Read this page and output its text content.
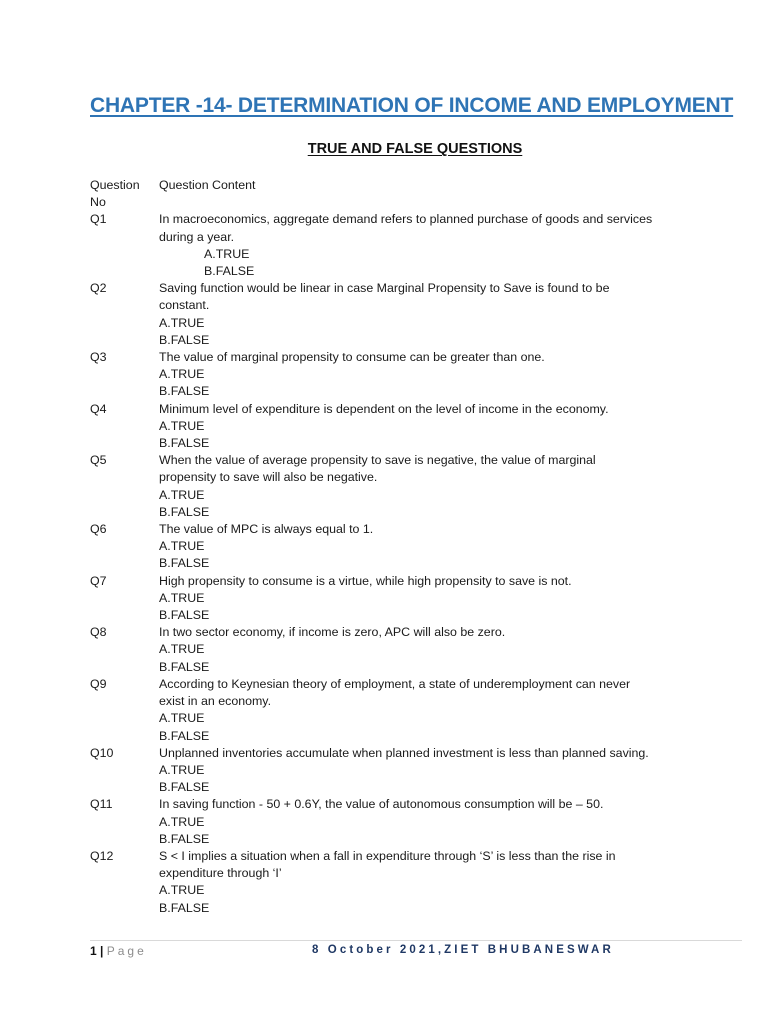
CHAPTER -14- DETERMINATION OF INCOME AND EMPLOYMENT
TRUE AND FALSE QUESTIONS
Question
No
Question Content
Q1	In macroeconomics, aggregate demand refers to planned purchase of goods and services
during a year.
A.TRUE
B.FALSE
Q2	Saving function would be linear in case Marginal Propensity to Save is found to be
constant.
A.TRUE
B.FALSE
Q3	The value of marginal propensity to consume can be greater than one.
A.TRUE
B.FALSE
Q4	Minimum level of expenditure is dependent on the level of income in the economy.
A.TRUE
B.FALSE
Q5	When the value of average propensity to save is negative, the value of marginal
propensity to save will also be negative.
A.TRUE
B.FALSE
Q6	The value of MPC is always equal to 1.
A.TRUE
B.FALSE
Q7	High propensity to consume is a virtue, while high propensity to save is not.
A.TRUE
B.FALSE
Q8	In two sector economy, if income is zero, APC will also be zero.
A.TRUE
B.FALSE
Q9	According to Keynesian theory of employment, a state of underemployment can never
exist in an economy.
A.TRUE
B.FALSE
Q10	Unplanned inventories accumulate when planned investment is less than planned saving.
A.TRUE
B.FALSE
Q11	In saving function - 50 + 0.6Y, the value of autonomous consumption will be – 50.
A.TRUE
B.FALSE
Q12	S < I implies a situation when a fall in expenditure through ‘S’ is less than the rise in
expenditure through ‘I’
A.TRUE
B.FALSE
1 | Page	8 October 2021,ZIET BHUBANESWAR
